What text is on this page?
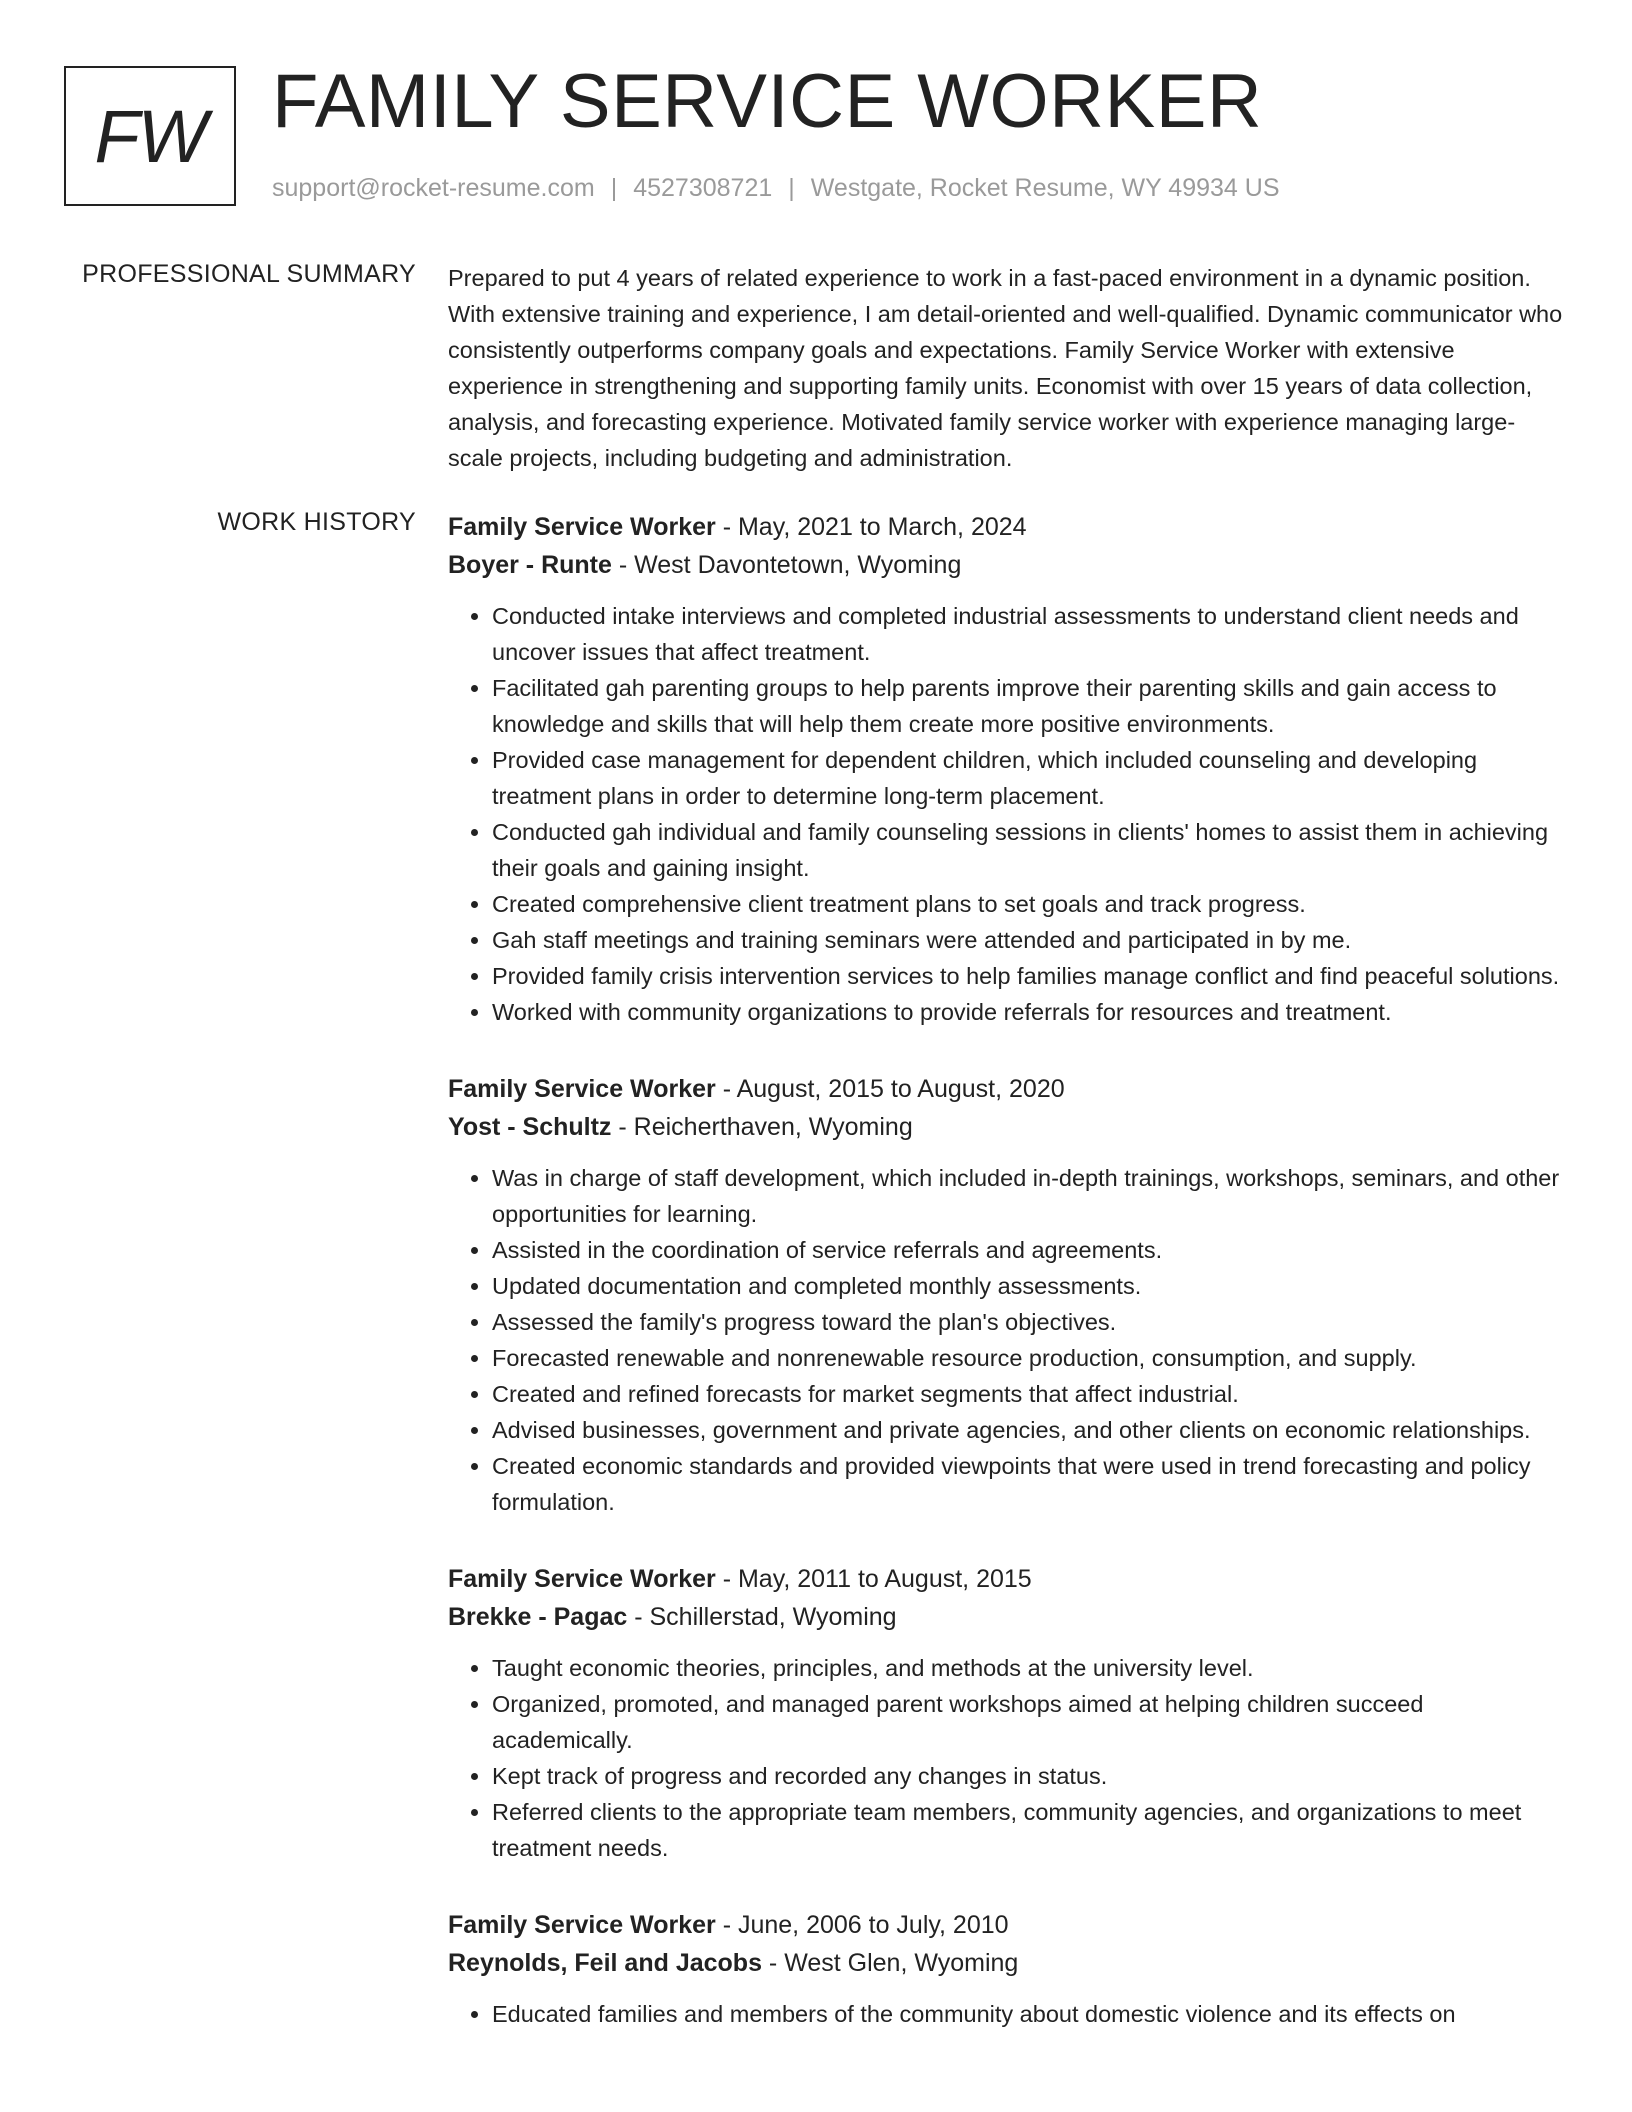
FW FAMILY SERVICE WORKER
support@rocket-resume.com | 4527308721 | Westgate, Rocket Resume, WY 49934 US
PROFESSIONAL SUMMARY Prepared to put 4 years of related experience to work in a fast-paced environment in a dynamic position. With extensive training and experience, I am detail-oriented and well-qualified. Dynamic communicator who consistently outperforms company goals and expectations. Family Service Worker with extensive experience in strengthening and supporting family units. Economist with over 15 years of data collection, analysis, and forecasting experience. Motivated family service worker with experience managing large-scale projects, including budgeting and administration.

WORK HISTORY Family Service Worker - May, 2021 to March, 2024
Boyer - Runte - West Davontetown, Wyoming
• Conducted intake interviews and completed industrial assessments to understand client needs and uncover issues that affect treatment.
• Facilitated gah parenting groups to help parents improve their parenting skills and gain access to knowledge and skills that will help them create more positive environments.
• Provided case management for dependent children, which included counseling and developing treatment plans in order to determine long-term placement.
• Conducted gah individual and family counseling sessions in clients' homes to assist them in achieving their goals and gaining insight.
• Created comprehensive client treatment plans to set goals and track progress.
• Gah staff meetings and training seminars were attended and participated in by me.
• Provided family crisis intervention services to help families manage conflict and find peaceful solutions.
• Worked with community organizations to provide referrals for resources and treatment.
Family Service Worker - August, 2015 to August, 2020
Yost - Schultz - Reicherthaven, Wyoming
• Was in charge of staff development, which included in-depth trainings, workshops, seminars, and other opportunities for learning.
• Assisted in the coordination of service referrals and agreements.
• Updated documentation and completed monthly assessments.
• Assessed the family's progress toward the plan's objectives.
• Forecasted renewable and nonrenewable resource production, consumption, and supply.
• Created and refined forecasts for market segments that affect industrial.
• Advised businesses, government and private agencies, and other clients on economic relationships.
• Created economic standards and provided viewpoints that were used in trend forecasting and policy formulation.
Family Service Worker - May, 2011 to August, 2015
Brekke - Pagac - Schillerstad, Wyoming
• Taught economic theories, principles, and methods at the university level.
• Organized, promoted, and managed parent workshops aimed at helping children succeed academically.
• Kept track of progress and recorded any changes in status.
• Referred clients to the appropriate team members, community agencies, and organizations to meet treatment needs.
Family Service Worker - June, 2006 to July, 2010
Reynolds, Feil and Jacobs - West Glen, Wyoming
• Educated families and members of the community about domestic violence and its effects on
